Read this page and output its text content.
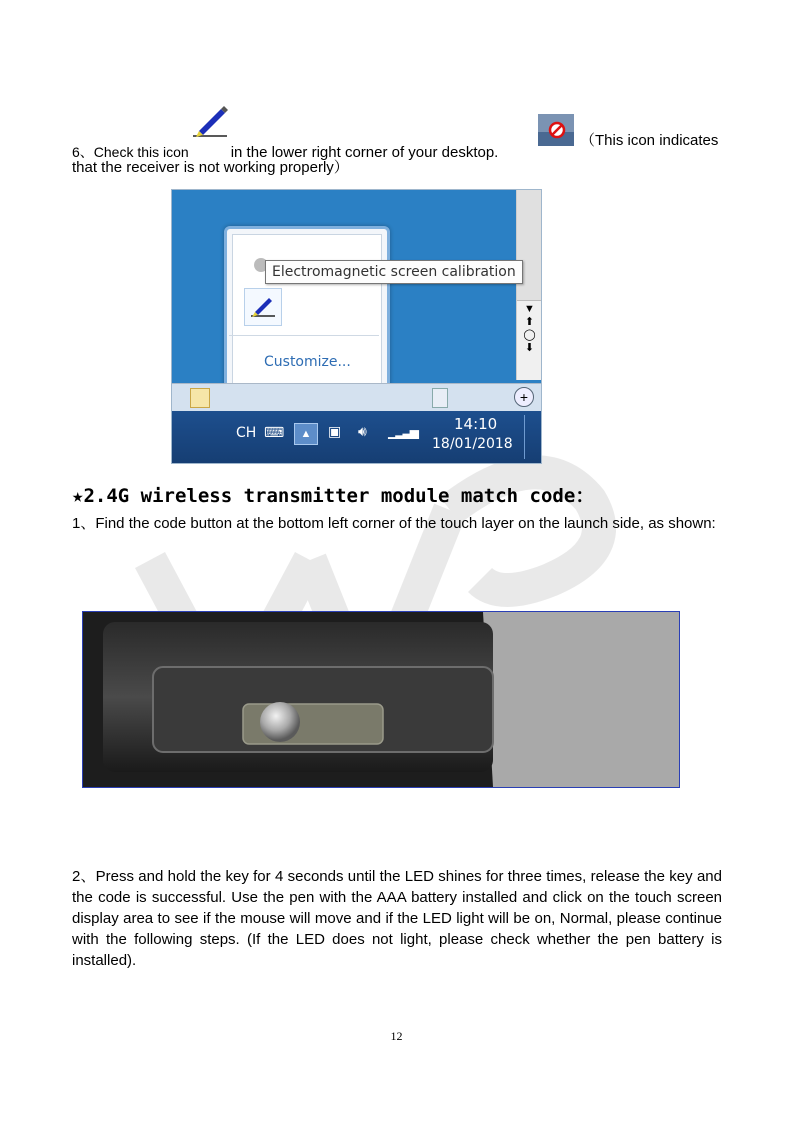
6、Check this icon	in the lower right corner of your desktop.
（This icon indicates
that the receiver is not working properly）
▼
⬆
◯
⬇
Electromagnetic screen calibration
Customize...
+
CH ⌨	▲	▣ 🔊︎ ▁▂▃▅ 14:10
18/01/2018
★2.4G wireless transmitter module match code：
1、Find the code button at the bottom left corner of the touch layer on the launch side, as shown:
2、Press and hold the key for 4 seconds until the LED shines for three times, release the key and the code is successful. Use the pen with the AAA battery installed and click on the touch screen display area to see if the mouse will move and if the LED light will be on, Normal, please continue with the following steps. (If the LED does not light, please check whether the pen battery is installed).
12
